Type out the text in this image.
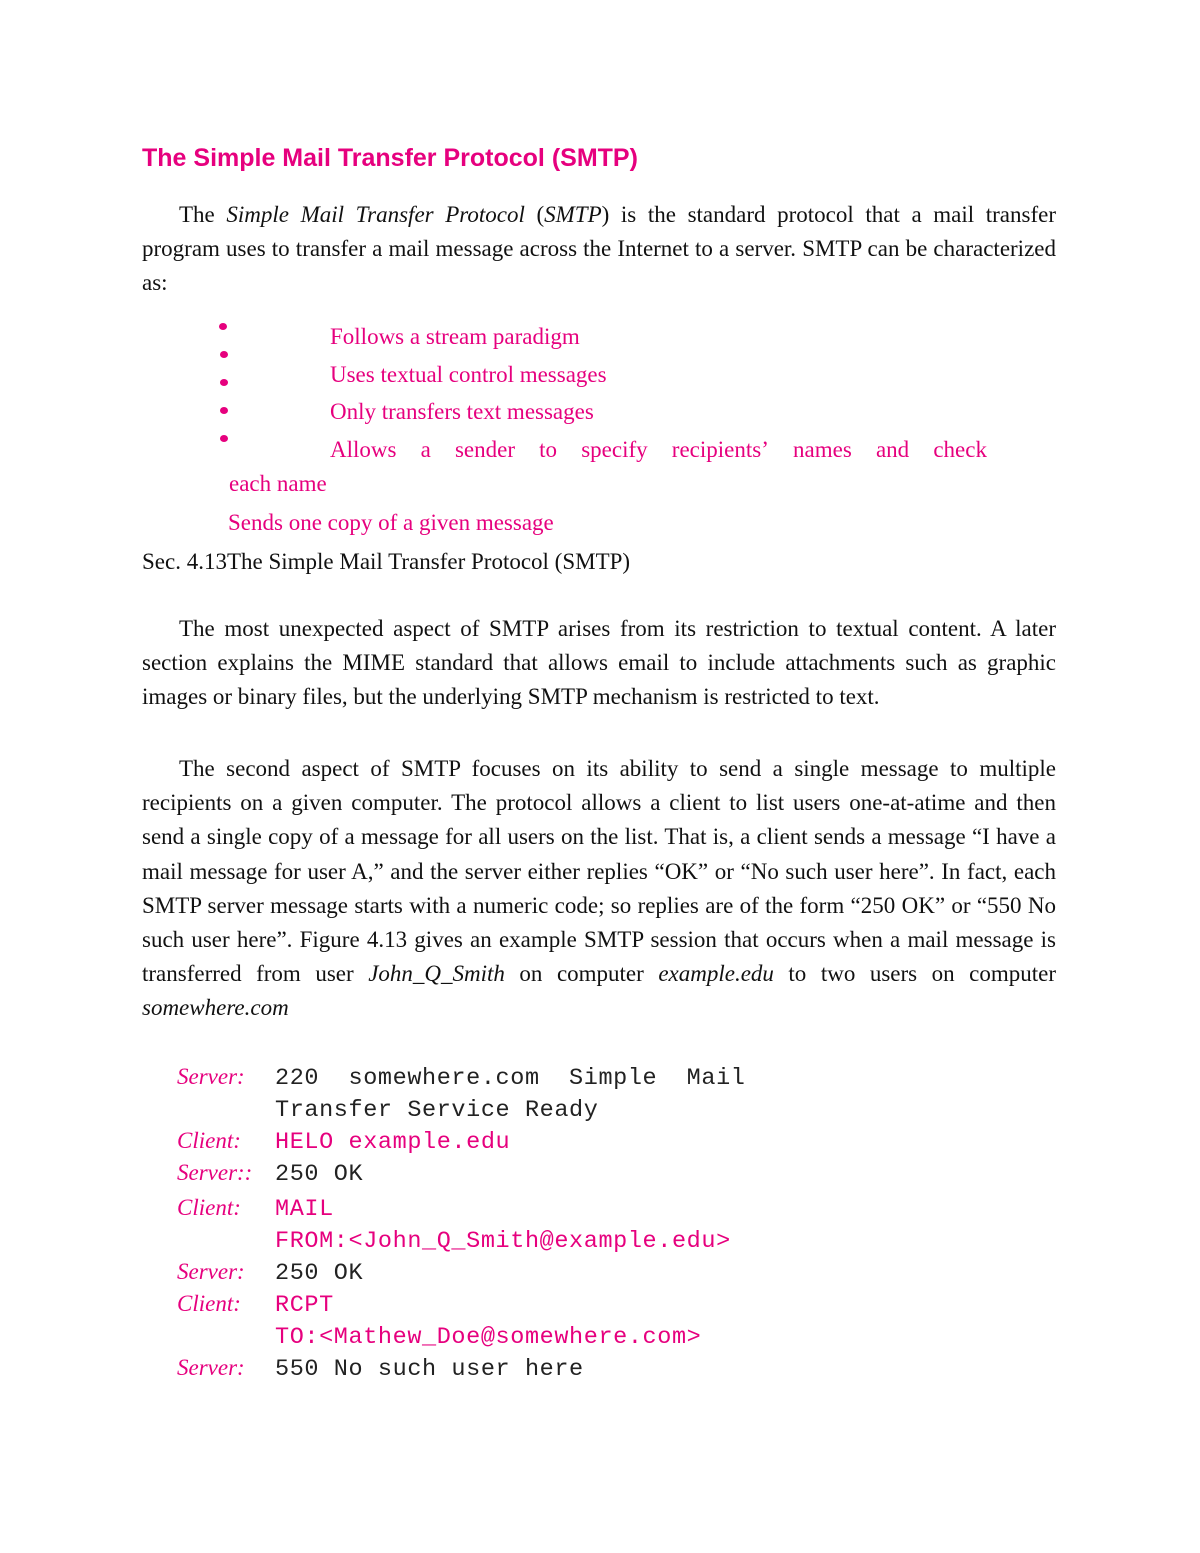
The Simple Mail Transfer Protocol (SMTP)

The Simple Mail Transfer Protocol (SMTP) is the standard protocol that a mail transfer program uses to transfer a mail message across the Internet to a server. SMTP can be characterized as:

Follows a stream paradigm

Uses textual control messages

Only transfers text messages

Allows a sender to specify recipients’ names and check

each name

Sends one copy of a given message

Sec. 4.13The Simple Mail Transfer Protocol (SMTP)

The most unexpected aspect of SMTP arises from its restriction to textual content. A later section explains the MIME standard that allows email to include attachments such as graphic images or binary files, but the underlying SMTP mechanism is restricted to text.

The second aspect of SMTP focuses on its ability to send a single message to multiple recipients on a given computer. The protocol allows a client to list users one-at-atime and then send a single copy of a message for all users on the list. That is, a client sends a message “I have a mail message for user A,” and the server either replies “OK” or “No such user here”. In fact, each SMTP server message starts with a numeric code; so replies are of the form “250 OK” or “550 No such user here”. Figure 4.13 gives an example SMTP session that occurs when a mail message is transferred from user John_Q_Smith on computer example.edu to two users on computer somewhere.com

Server:	220  somewhere.com  Simple  Mail
Transfer Service Ready
Client:	HELO example.edu
Server:: 250 OK
Client:	MAIL
FROM:<John_Q_Smith@example.edu>
Server:	250 OK
Client:	RCPT
TO:<Mathew_Doe@somewhere.com>
Server:	550 No such user here
